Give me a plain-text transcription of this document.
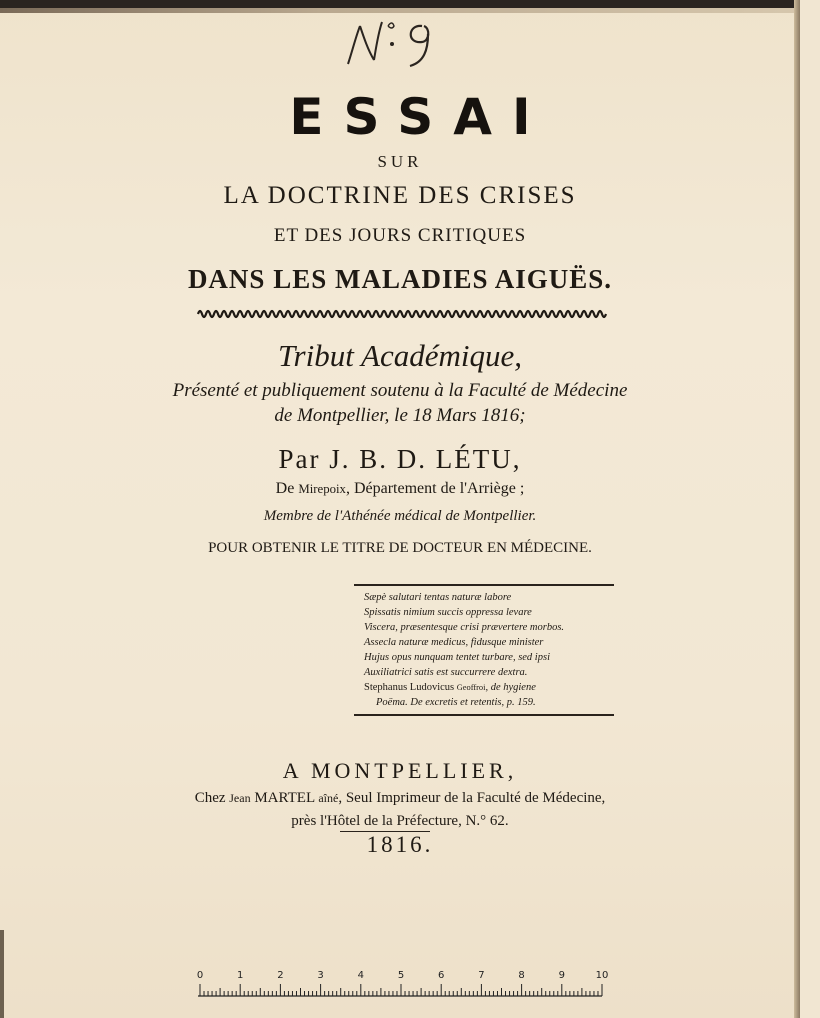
ESSAI
SUR
LA DOCTRINE DES CRISES
ET DES JOURS CRITIQUES
DANS LES MALADIES AIGUËS.
Tribut Académique,
Présenté et publiquement soutenu à la Faculté de Médecine
de Montpellier, le 18 Mars 1816;
Par J. B. D. LÉTU,
De Mirepoix, Département de l'Arriège ;
Membre de l'Athénée médical de Montpellier.
POUR OBTENIR LE TITRE DE DOCTEUR EN MÉDECINE.
Sæpè salutari tentas naturæ labore
Spissatis nimium succis oppressa levare
Viscera, præsentesque crisi prævertere morbos.
Assecla naturæ medicus, fidusque minister
Hujus opus nunquam tentet turbare, sed ipsi
Auxiliatrici satis est succurrere dextra.
Stephanus Ludovicus Geoffroi, de hygiene
Poëma. De excretis et retentis, p. 159.
A MONTPELLIER,
Chez Jean MARTEL aîné, Seul Imprimeur de la Faculté de Médecine,
près l'Hôtel de la Préfecture, N.° 62.
1816.
0	1	2	3	4	5	6	7	8	9	10
